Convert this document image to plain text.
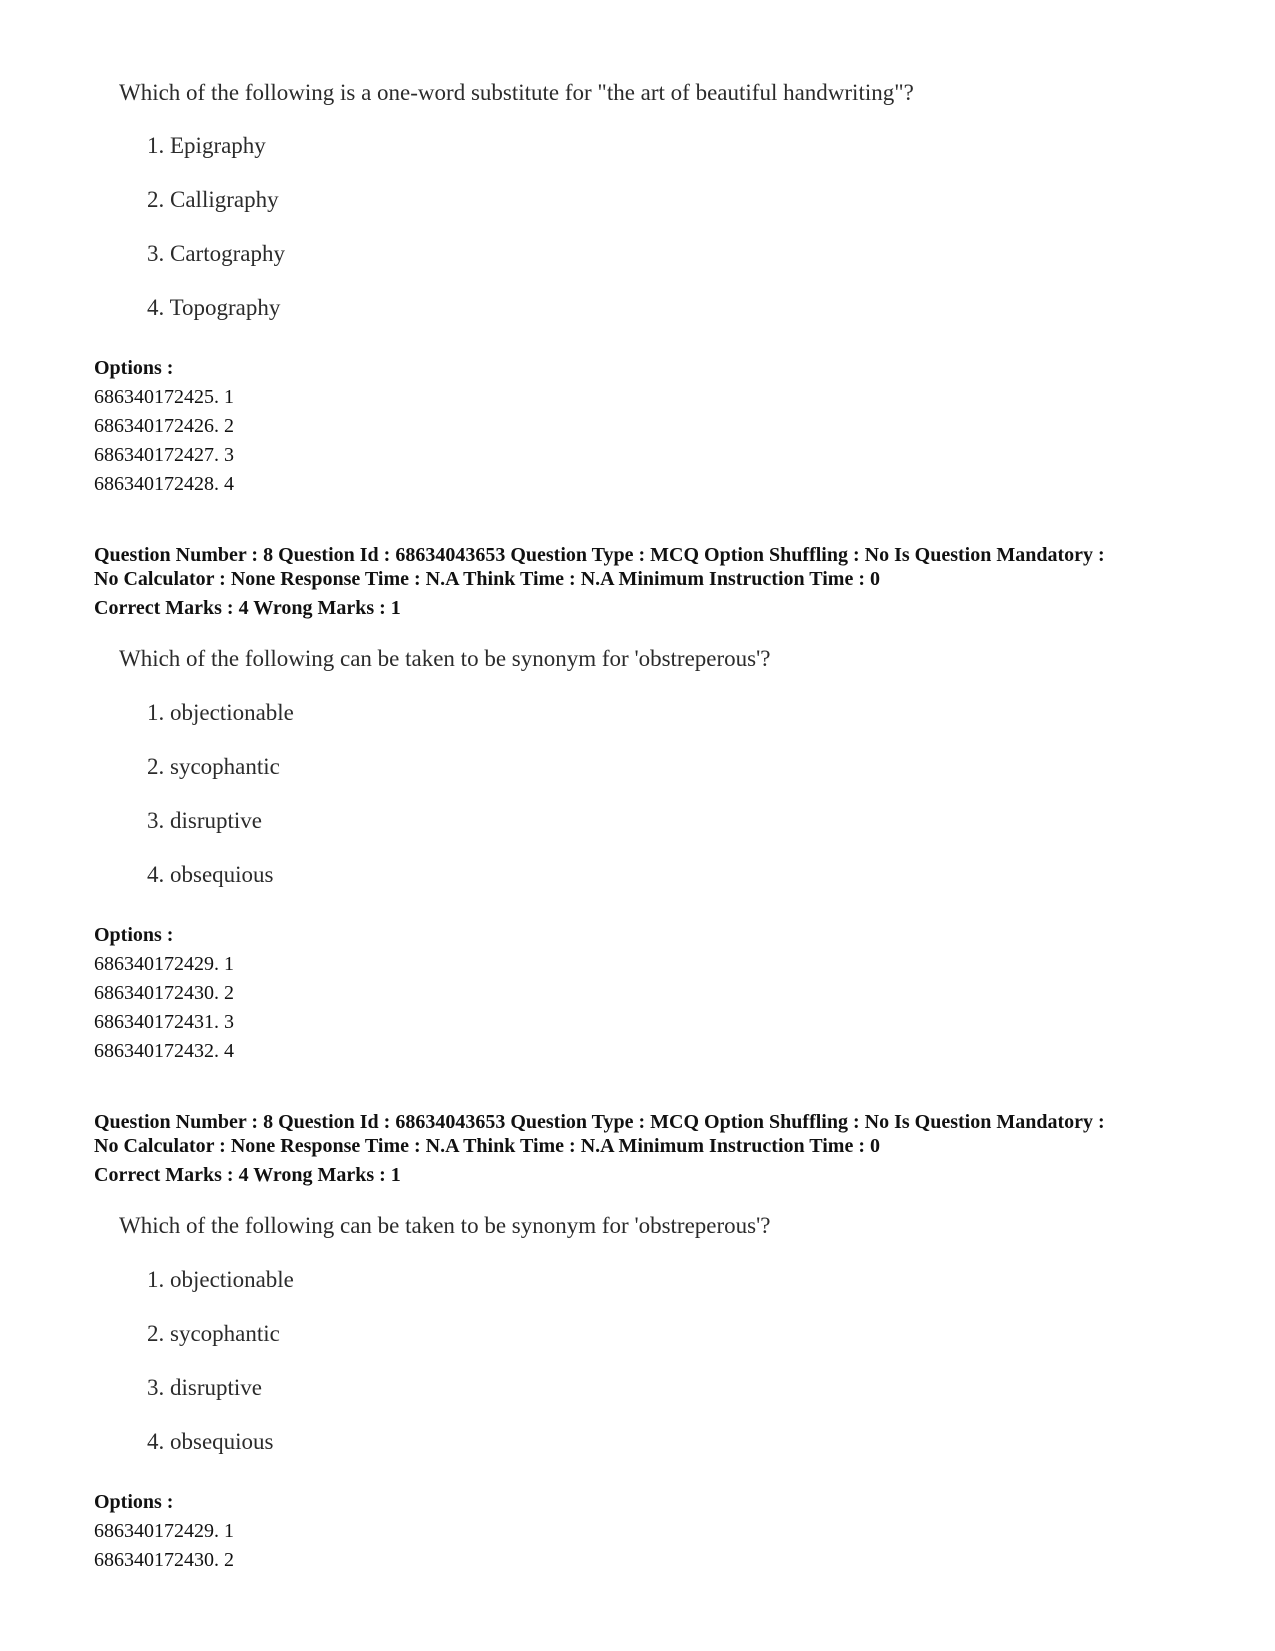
Which of the following is a one-word substitute for "the art of beautiful handwriting"?
1. Epigraphy
2. Calligraphy
3. Cartography
4. Topography
Options :
686340172425. 1
686340172426. 2
686340172427. 3
686340172428. 4
Question Number : 8 Question Id : 68634043653 Question Type : MCQ Option Shuffling : No Is Question Mandatory :
No Calculator : None Response Time : N.A Think Time : N.A Minimum Instruction Time : 0
Correct Marks : 4 Wrong Marks : 1
Which of the following can be taken to be synonym for 'obstreperous'?
1. objectionable
2. sycophantic
3. disruptive
4. obsequious
Options :
686340172429. 1
686340172430. 2
686340172431. 3
686340172432. 4
Question Number : 8 Question Id : 68634043653 Question Type : MCQ Option Shuffling : No Is Question Mandatory :
No Calculator : None Response Time : N.A Think Time : N.A Minimum Instruction Time : 0
Correct Marks : 4 Wrong Marks : 1
Which of the following can be taken to be synonym for 'obstreperous'?
1. objectionable
2. sycophantic
3. disruptive
4. obsequious
Options :
686340172429. 1
686340172430. 2
